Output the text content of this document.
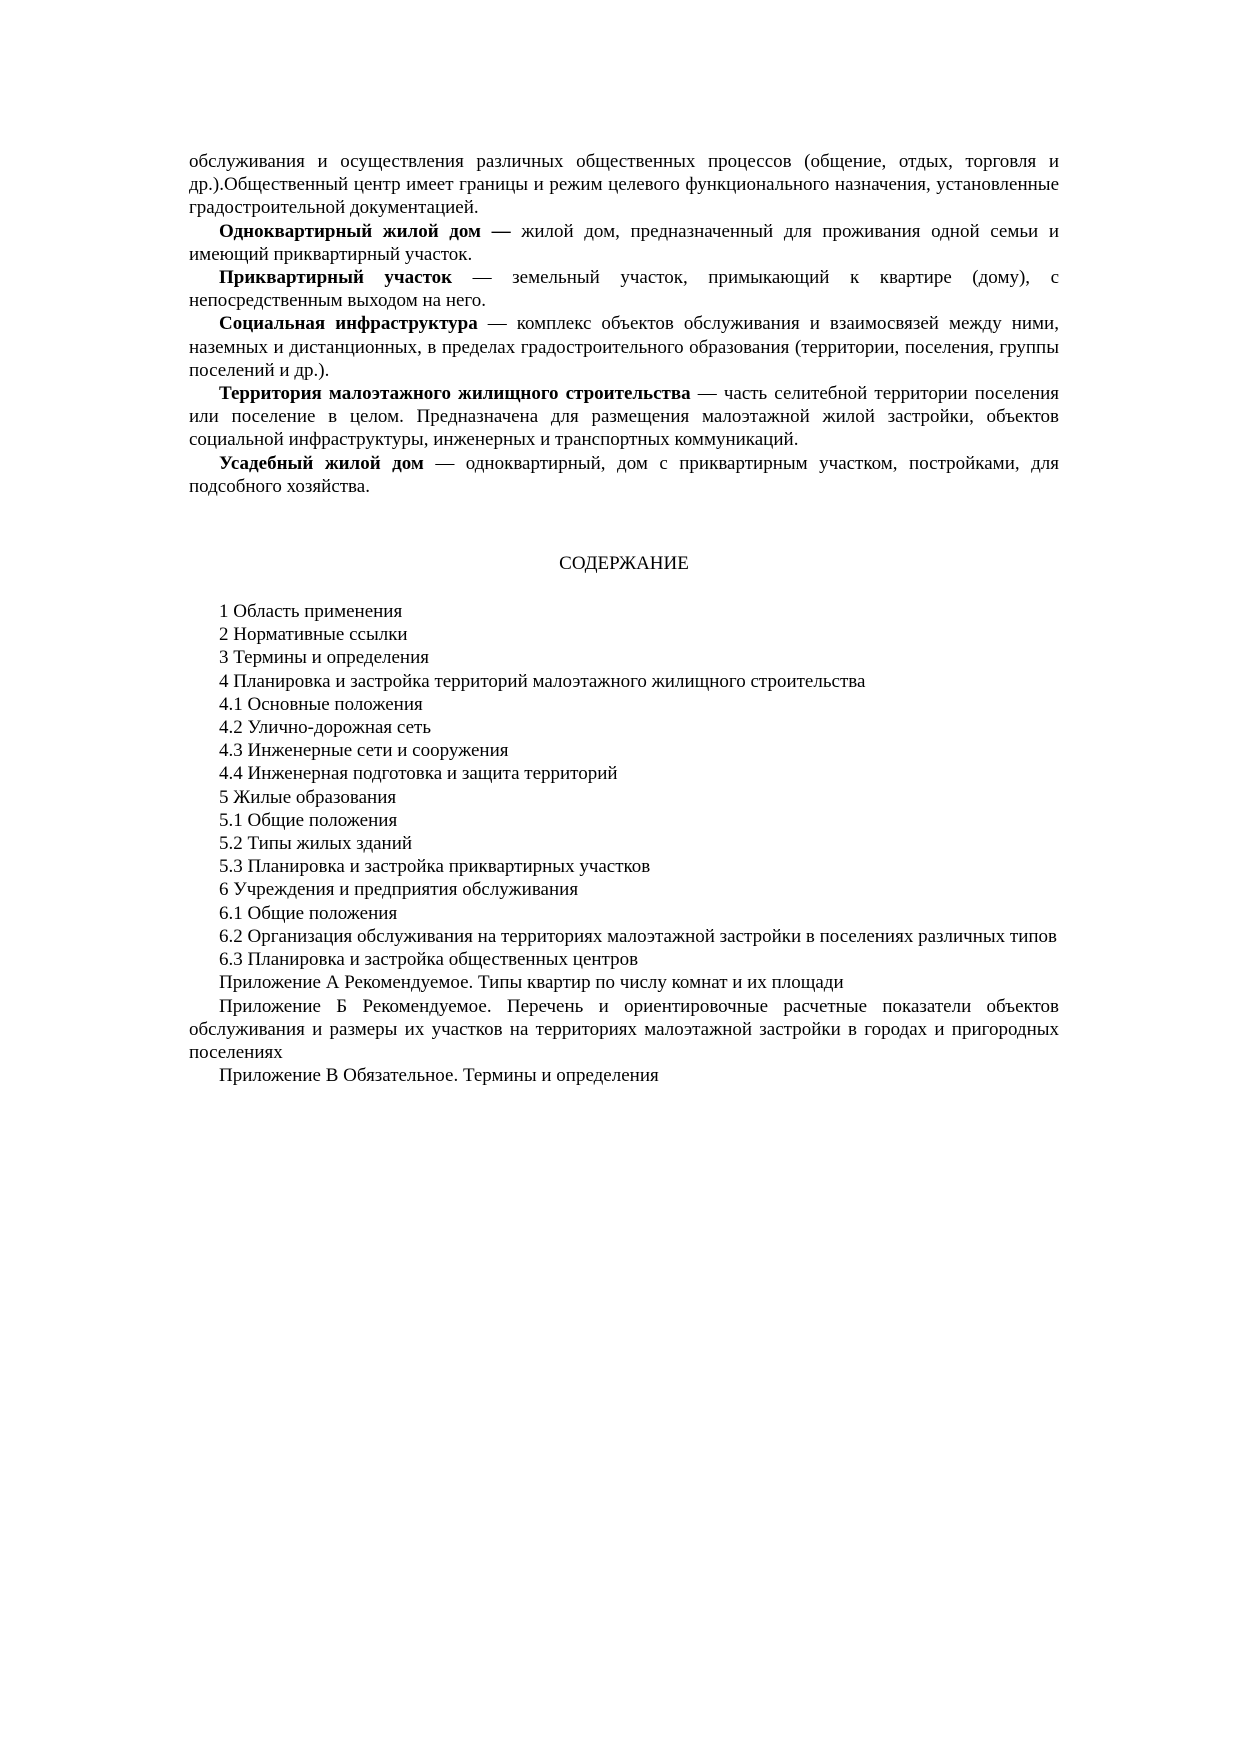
обслуживания и осуществления различных общественных процессов (общение, отдых, торговля и др.).Общественный центр имеет границы и режим целевого функционального назначения, установленные градостроительной документацией.

Одноквартирный жилой дом — жилой дом, предназначенный для проживания одной семьи и имеющий приквартирный участок.

Приквартирный участок — земельный участок, примыкающий к квартире (дому), с непосредственным выходом на него.

Социальная инфраструктура — комплекс объектов обслуживания и взаимосвязей между ними, наземных и дистанционных, в пределах градостроительного образования (территории, поселения, группы поселений и др.).

Территория малоэтажного жилищного строительства — часть селитебной территории поселения или поселение в целом. Предназначена для размещения малоэтажной жилой застройки, объектов социальной инфраструктуры, инженерных и транспортных коммуникаций.

Усадебный жилой дом — одноквартирный, дом с приквартирным участком, постройками, для подсобного хозяйства.

СОДЕРЖАНИЕ
1 Область применения
2 Нормативные ссылки
3 Термины и определения
4 Планировка и застройка территорий малоэтажного жилищного строительства
4.1 Основные положения
4.2 Улично-дорожная сеть
4.3 Инженерные сети и сооружения
4.4 Инженерная подготовка и защита территорий
5 Жилые образования
5.1 Общие положения
5.2 Типы жилых зданий
5.3 Планировка и застройка приквартирных участков
6 Учреждения и предприятия обслуживания
6.1 Общие положения
6.2 Организация обслуживания на территориях малоэтажной застройки в поселениях различных типов
6.3 Планировка и застройка общественных центров
Приложение А Рекомендуемое. Типы квартир по числу комнат и их площади
Приложение Б Рекомендуемое. Перечень и ориентировочные расчетные показатели объектов обслуживания и размеры их участков на территориях малоэтажной застройки в городах и пригородных поселениях
Приложение В Обязательное. Термины и определения
